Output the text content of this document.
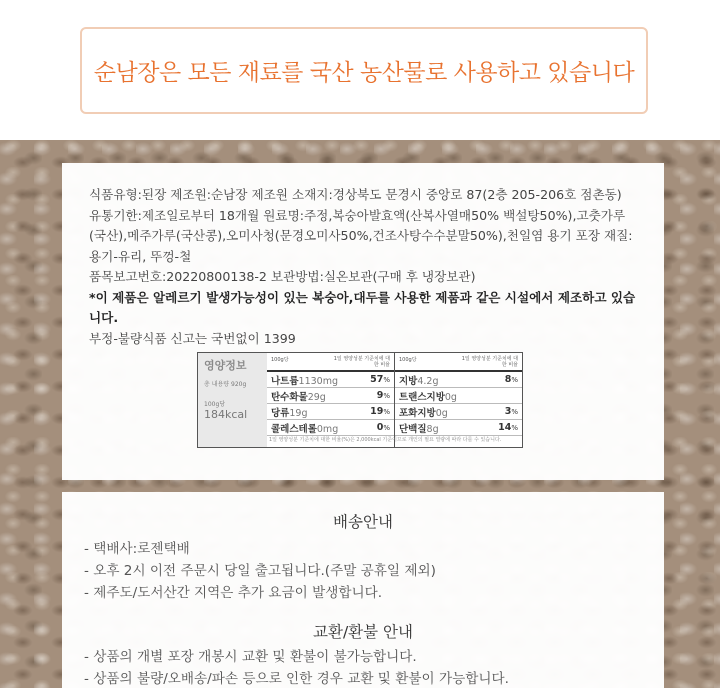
순남장은 모든 재료를 국산 농산물로 사용하고 있습니다
식품유형:된장 제조원:순남장 제조원 소재지:경상북도 문경시 중앙로 87(2층 205-206호 점촌동) 유통기한:제조일로부터 18개월 원료명:주정,복숭아발효액(산복사열매50% 백설탕50%),고춧가루(국산),메주가루(국산콩),오미사청(문경오미사50%,건조사탕수수분말50%),천일염 용기 포장 재질:용기-유리, 뚜껑-철
품목보고번호:20220800138-2 보관방법:실온보관(구매 후 냉장보관)
*이 제품은 알레르기 발생가능성이 있는 복숭아,대두를 사용한 제품과 같은 시설에서 제조하고 있습니다.
부정-불량식품 신고는 국번없이 1399
영양정보
총 내용량 920g
100g당
184kcal
100g당	1일 영양성분 기준치에 대한 비율
나트륨1130mg	57%
탄수화물29g	9%
당류19g	19%
콜레스테롤0mg	0%
100g당	1일 영양성분 기준치에 대한 비율
지방4.2g	8%
트랜스지방0g
포화지방0g	3%
단백질8g	14%
1일 영양성분 기준치에 대한 비율(%)은 2,000kcal 기준이므로 개인의 필요 열량에 따라 다를 수 있습니다.
배송안내
- 택배사:로젠택배
- 오후 2시 이전 주문시 당일 출고됩니다.(주말 공휴일 제외)
- 제주도/도서산간 지역은 추가 요금이 발생합니다.
교환/환불 안내
- 상품의 개별 포장 개봉시 교환 및 환불이 불가능합니다.
- 상품의 불량/오배송/파손 등으로 인한 경우 교환 및 환불이 가능합니다.
